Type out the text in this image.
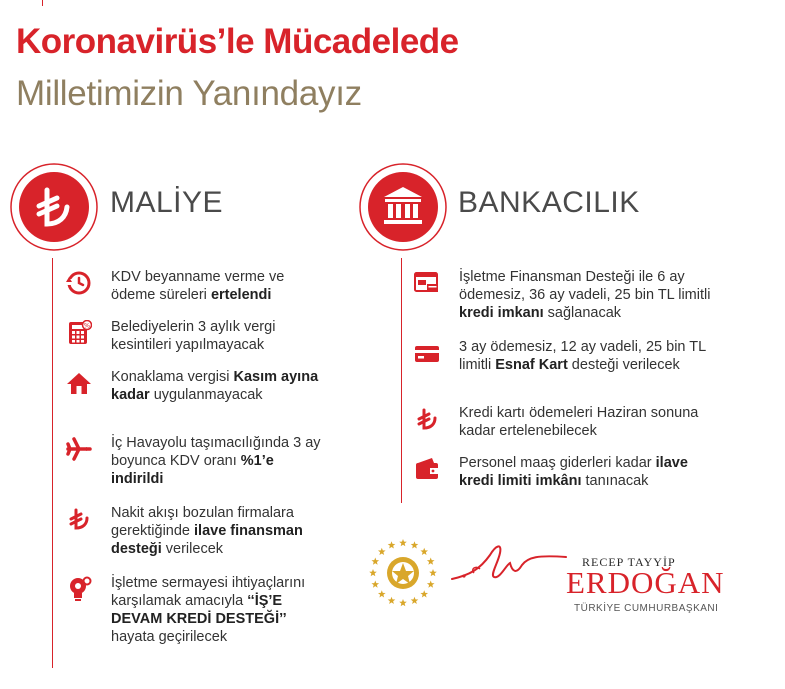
Koronavirüs’le Mücadelede
Milletimizin Yanındayız
MALİYE	BANKACILIK
KDV beyanname verme ve ödeme süreleri ertelendi
% Belediyelerin 3 aylık vergi kesintileri yapılmayacak
Konaklama vergisi Kasım ayına kadar uygulanmayacak
İç Havayolu taşımacılığında 3 ay boyunca KDV oranı %1’e indirildi
Nakit akışı bozulan firmalara gerektiğinde ilave finansman desteği verilecek
İşletme sermayesi ihtiyaçlarını karşılamak amacıyla ‘‘İŞ’E DEVAM KREDİ DESTEĞİ’’ hayata geçirilecek
İşletme Finansman Desteği ile 6 ay ödemesiz, 36 ay vadeli, 25 bin TL limitli kredi imkanı sağlanacak
3 ay ödemesiz, 12 ay vadeli, 25 bin TL limitli Esnaf Kart desteği verilecek
Kredi kartı ödemeleri Haziran sonuna kadar ertelenebilecek
Personel maaş giderleri kadar ilave kredi limiti imkânı tanınacak
RECEP TAYYİP
ERDOĞAN
TÜRKİYE CUMHURBAŞKANI
